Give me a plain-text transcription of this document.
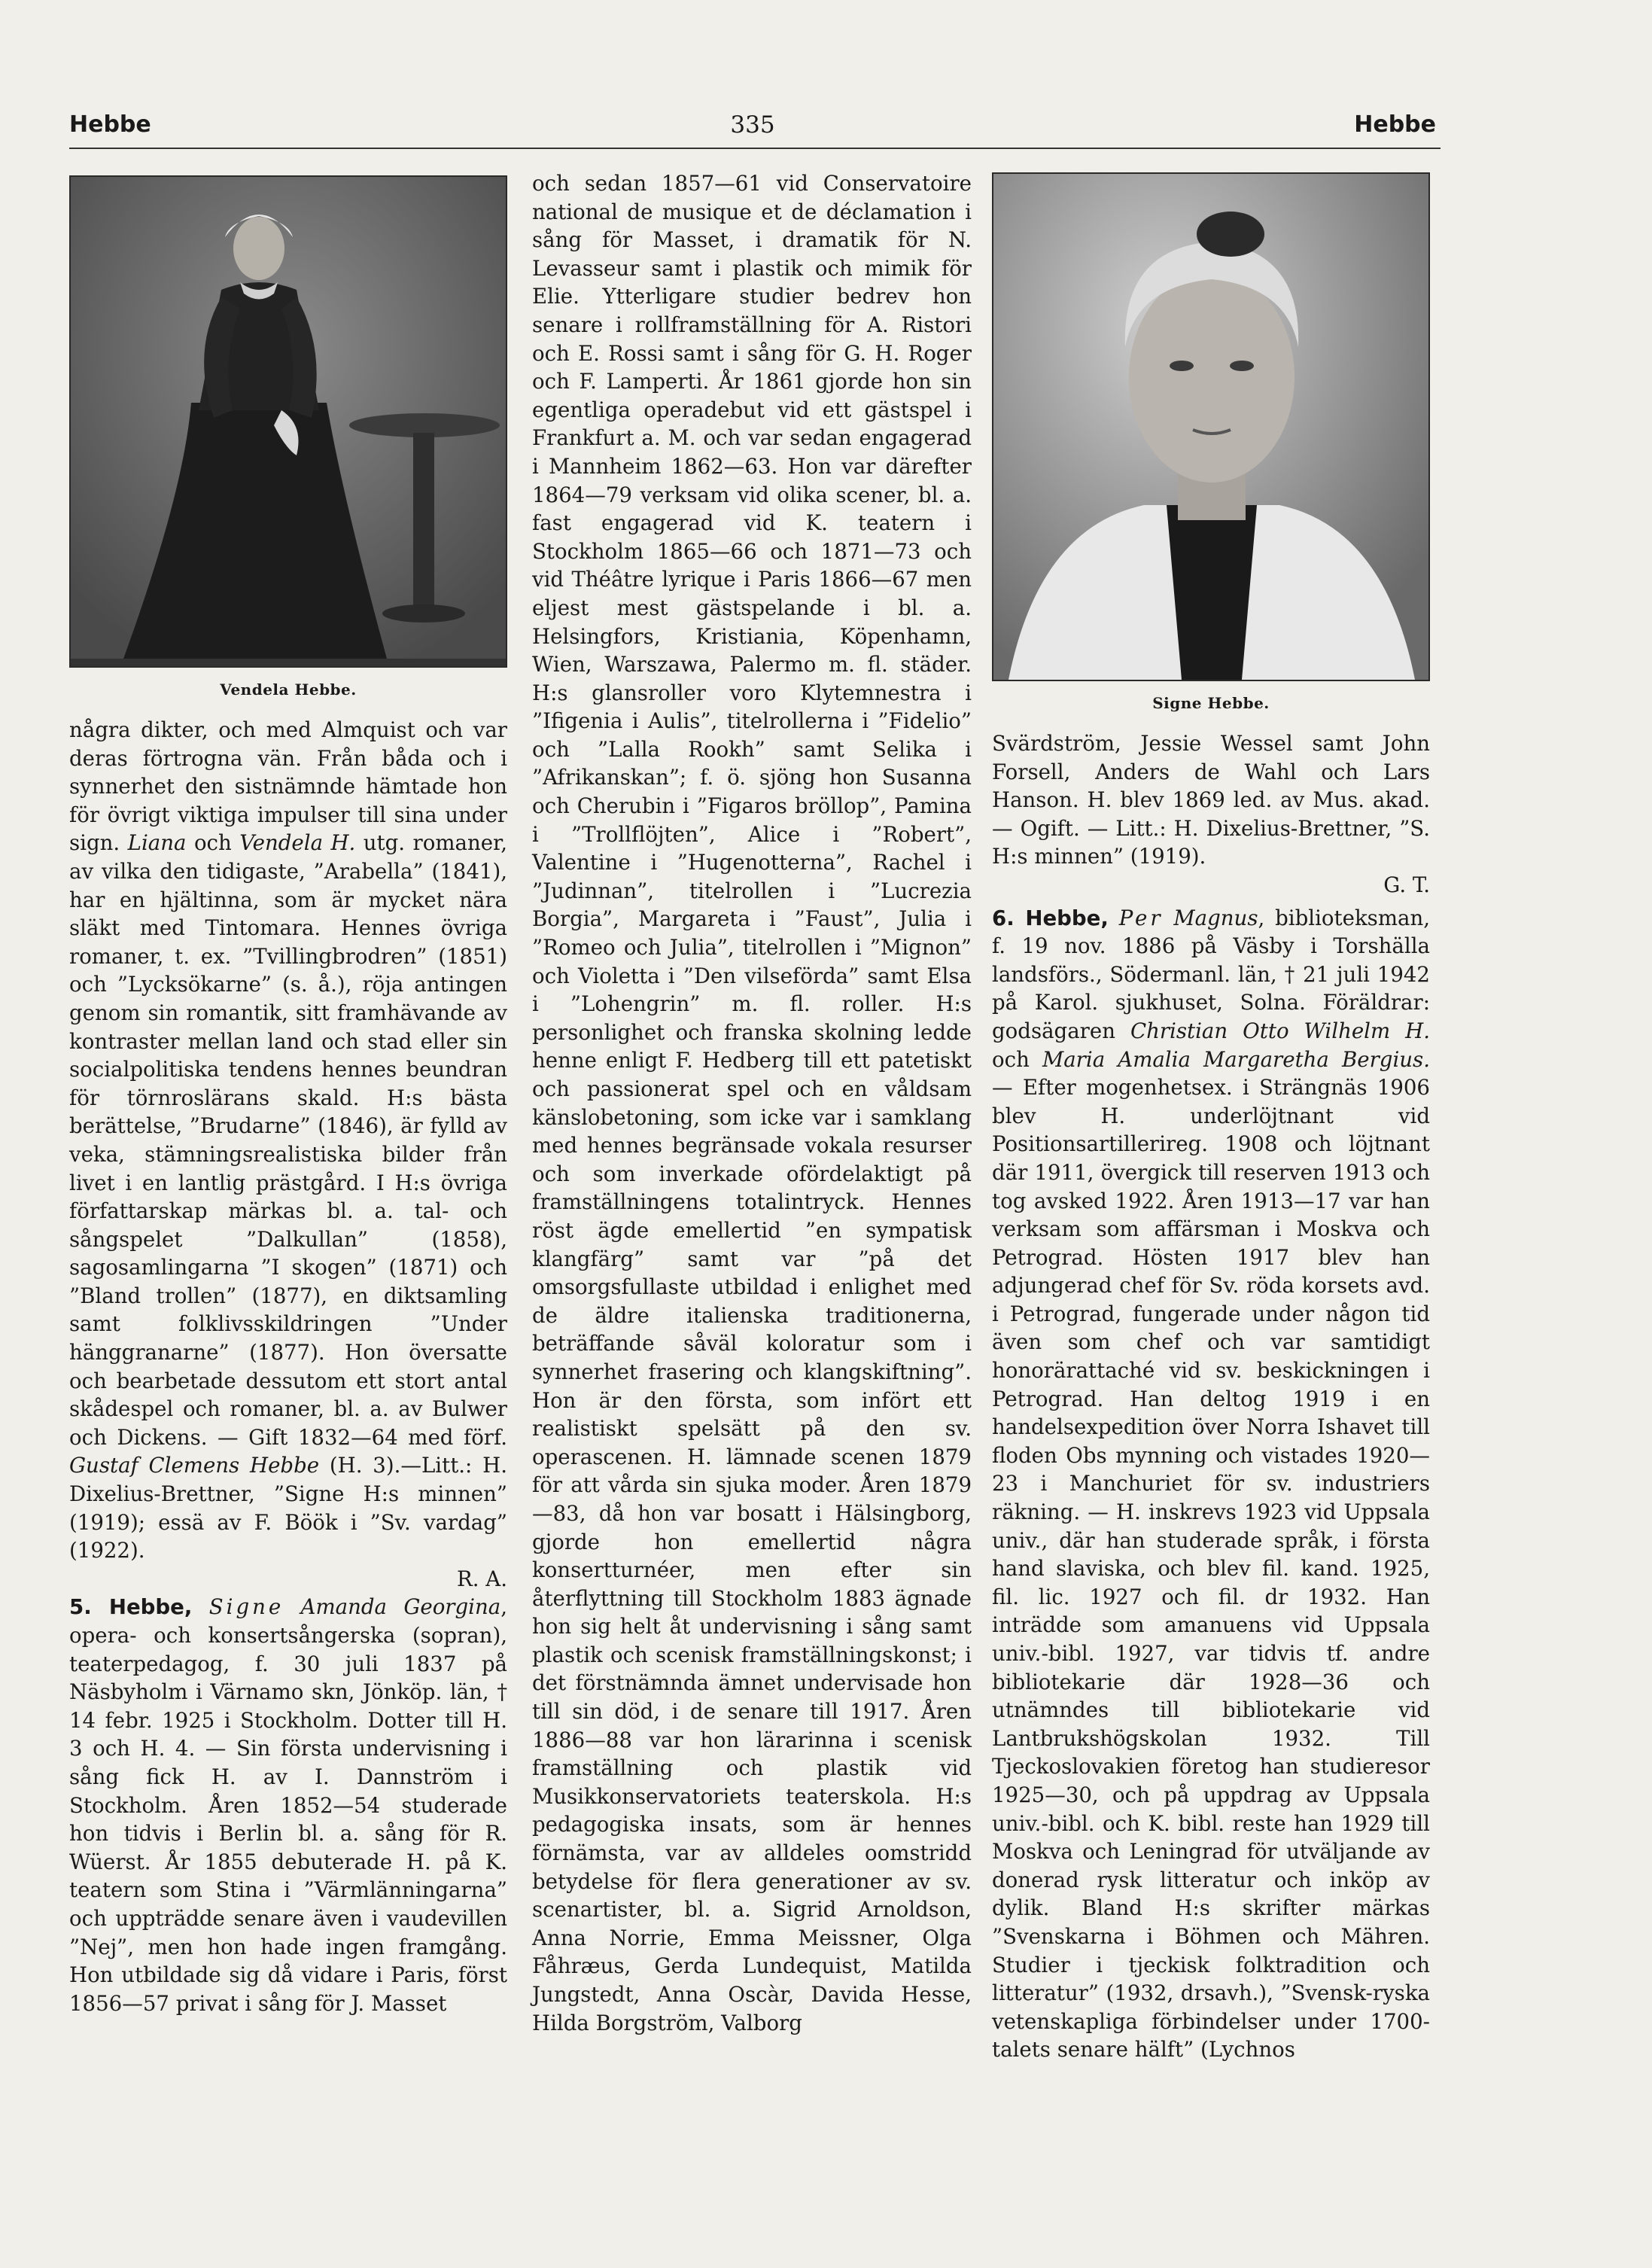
Hebbe	335	Hebbe
Vendela Hebbe.

några dikter, och med Almquist och var deras förtrogna vän. Från båda och i synnerhet den sistnämnde hämtade hon för övrigt viktiga impulser till sina under sign. Liana och Vendela H. utg. romaner, av vilka den tidigaste, ”Arabella” (1841), har en hjältinna, som är mycket nära släkt med Tintomara. Hennes övriga romaner, t. ex. ”Tvillingbrodren” (1851) och ”Lycksökarne” (s. å.), röja antingen genom sin romantik, sitt framhävande av kontraster mellan land och stad eller sin socialpolitiska tendens hennes beundran för törnroslärans skald. H:s bästa berättelse, ”Brudarne” (1846), är fylld av veka, stämningsrealistiska bilder från livet i en lantlig prästgård. I H:s övriga författarskap märkas bl. a. tal- och sångspelet ”Dalkullan” (1858), sagosamlingarna ”I skogen” (1871) och ”Bland trollen” (1877), en diktsamling samt folklivsskildringen ”Under hänggranarne” (1877). Hon översatte och bearbetade dessutom ett stort antal skådespel och romaner, bl. a. av Bulwer och Dickens. — Gift 1832—64 med förf. Gustaf Clemens Hebbe (H. 3).—Litt.: H. Dixelius-Brettner, ”Signe H:s minnen” (1919); essä av F. Böök i ”Sv. vardag” (1922).

R. A.

5. Hebbe, Signe Amanda Georgina, opera- och konsertsångerska (sopran), teaterpedagog, f. 30 juli 1837 på Näsbyholm i Värnamo skn, Jönköp. län, † 14 febr. 1925 i Stockholm. Dotter till H. 3 och H. 4. — Sin första undervisning i sång fick H. av I. Dannström i Stockholm. Åren 1852—54 studerade hon tidvis i Berlin bl. a. sång för R. Wüerst. År 1855 debuterade H. på K. teatern som Stina i ”Värmlänningarna” och uppträdde senare även i vaudevillen ”Nej”, men hon hade ingen framgång. Hon utbildade sig då vidare i Paris, först 1856—57 privat i sång för J. Masset

och sedan 1857—61 vid Conservatoire national de musique et de déclamation i sång för Masset, i dramatik för N. Levasseur samt i plastik och mimik för Elie. Ytterligare studier bedrev hon senare i rollframställning för A. Ristori och E. Rossi samt i sång för G. H. Roger och F. Lamperti. År 1861 gjorde hon sin egentliga operadebut vid ett gästspel i Frankfurt a. M. och var sedan engagerad i Mannheim 1862—63. Hon var därefter 1864—79 verksam vid olika scener, bl. a. fast engagerad vid K. teatern i Stockholm 1865—66 och 1871—73 och vid Théâtre lyrique i Paris 1866—67 men eljest mest gästspelande i bl. a. Helsingfors, Kristiania, Köpenhamn, Wien, Warszawa, Palermo m. fl. städer. H:s glansroller voro Klytemnestra i ”Ifigenia i Aulis”, titelrollerna i ”Fidelio” och ”Lalla Rookh” samt Selika i ”Afrikanskan”; f. ö. sjöng hon Susanna och Cherubin i ”Figaros bröllop”, Pamina i ”Trollflöjten”, Alice i ”Robert”, Valentine i ”Hugenotterna”, Rachel i ”Judinnan”, titelrollen i ”Lucrezia Borgia”, Margareta i ”Faust”, Julia i ”Romeo och Julia”, titelrollen i ”Mignon” och Violetta i ”Den vilseförda” samt Elsa i ”Lohengrin” m. fl. roller. H:s personlighet och franska skolning ledde henne enligt F. Hedberg till ett patetiskt och passionerat spel och en våldsam känslobetoning, som icke var i samklang med hennes begränsade vokala resurser och som inverkade ofördelaktigt på framställningens totalintryck. Hennes röst ägde emellertid ”en sympatisk klangfärg” samt var ”på det omsorgsfullaste utbildad i enlighet med de äldre italienska traditionerna, beträffande såväl koloratur som i synnerhet frasering och klangskiftning”. Hon är den första, som infört ett realistiskt spelsätt på den sv. operascenen. H. lämnade scenen 1879 för att vårda sin sjuka moder. Åren 1879—83, då hon var bosatt i Hälsingborg, gjorde hon emellertid några konsertturnéer, men efter sin återflyttning till Stockholm 1883 ägnade hon sig helt åt undervisning i sång samt plastik och scenisk framställningskonst; i det förstnämnda ämnet undervisade hon till sin död, i de senare till 1917. Åren 1886—88 var hon lärarinna i scenisk framställning och plastik vid Musikkonservatoriets teaterskola. H:s pedagogiska insats, som är hennes förnämsta, var av alldeles oomstridd betydelse för flera generationer av sv. scenartister, bl. a. Sigrid Arnoldson, Anna Norrie, Emma Meissner, Olga Fåhræus, Gerda Lundequist, Matilda Jungstedt, Anna Oscàr, Davida Hesse, Hilda Borgström, Valborg

Signe Hebbe.

Svärdström, Jessie Wessel samt John Forsell, Anders de Wahl och Lars Hanson. H. blev 1869 led. av Mus. akad. — Ogift. — Litt.: H. Dixelius-Brettner, ”S. H:s minnen” (1919).

G. T.

6. Hebbe, Per Magnus, biblioteksman, f. 19 nov. 1886 på Väsby i Torshälla landsförs., Södermanl. län, † 21 juli 1942 på Karol. sjukhuset, Solna. Föräldrar: godsägaren Christian Otto Wilhelm H. och Maria Amalia Margaretha Bergius. — Efter mogenhetsex. i Strängnäs 1906 blev H. underlöjtnant vid Positionsartillerireg. 1908 och löjtnant där 1911, övergick till reserven 1913 och tog avsked 1922. Åren 1913—17 var han verksam som affärsman i Moskva och Petrograd. Hösten 1917 blev han adjungerad chef för Sv. röda korsets avd. i Petrograd, fungerade under någon tid även som chef och var samtidigt honorärattaché vid sv. beskickningen i Petrograd. Han deltog 1919 i en handelsexpedition över Norra Ishavet till floden Obs mynning och vistades 1920—23 i Manchuriet för sv. industriers räkning. — H. inskrevs 1923 vid Uppsala univ., där han studerade språk, i första hand slaviska, och blev fil. kand. 1925, fil. lic. 1927 och fil. dr 1932. Han inträdde som amanuens vid Uppsala univ.-bibl. 1927, var tidvis tf. andre bibliotekarie där 1928—36 och utnämndes till bibliotekarie vid Lantbrukshögskolan 1932. Till Tjeckoslovakien företog han studieresor 1925—30, och på uppdrag av Uppsala univ.-bibl. och K. bibl. reste han 1929 till Moskva och Leningrad för utväljande av donerad rysk litteratur och inköp av dylik. Bland H:s skrifter märkas ”Svenskarna i Böhmen och Mähren. Studier i tjeckisk folktradition och litteratur” (1932, drsavh.), ”Svensk-ryska vetenskapliga förbindelser under 1700-talets senare hälft” (Lychnos
